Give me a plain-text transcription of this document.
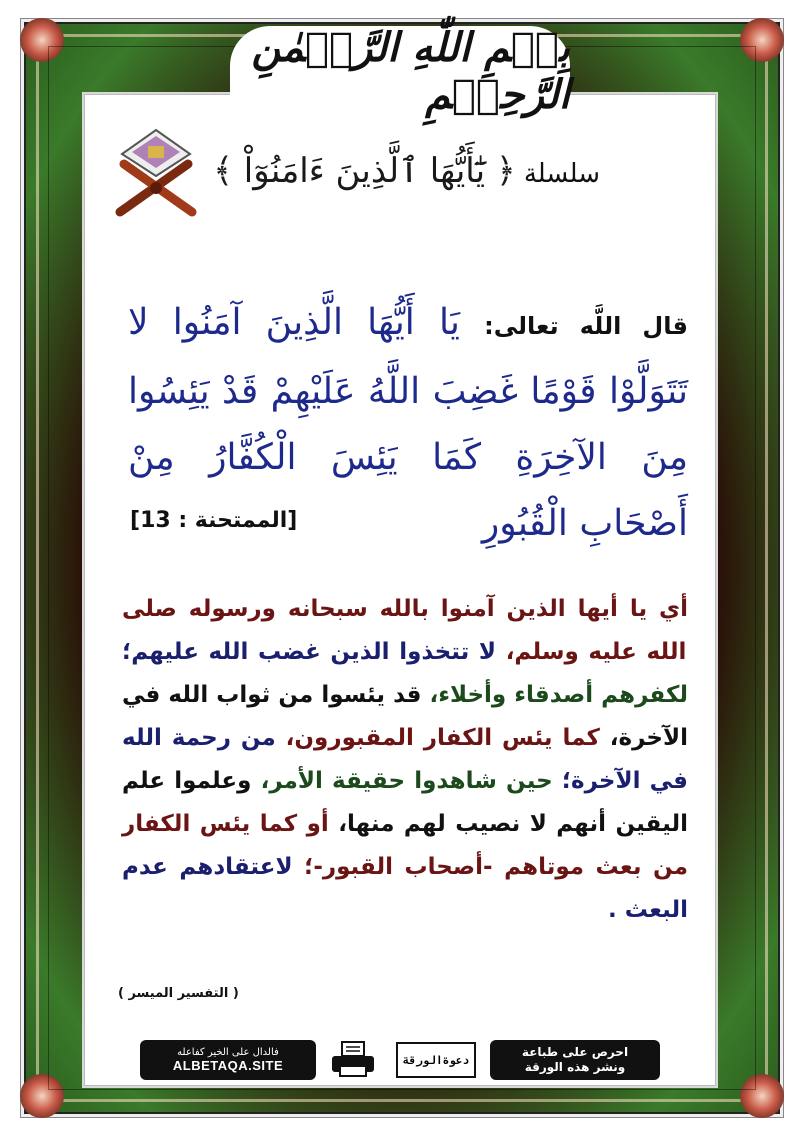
بِسۡمِ اللّٰهِ الرَّحۡمٰنِ الرَّحِيۡمِ
سلسلة
﴿ يَٰٓأَيُّهَا ٱلَّذِينَ ءَامَنُوٓاْ ﴾
قال اللَّه تعالى: يَا أَيُّهَا الَّذِينَ آمَنُوا لا تَتَوَلَّوْا قَوْمًا غَضِبَ اللَّهُ عَلَيْهِمْ قَدْ يَئِسُوا مِنَ الآخِرَةِ كَمَا يَئِسَ الْكُفَّارُ مِنْ أَصْحَابِ الْقُبُورِ
[الممتحنة : 13]
أي يا أيها الذين آمنوا بالله سبحانه ورسوله صلى الله عليه وسلم، لا تتخذوا الذين غضب الله عليهم؛ لكفرهم أصدقاء وأخلاء، قد يئسوا من ثواب الله في الآخرة، كما يئس الكفار المقبورون، من رحمة الله في الآخرة؛ حين شاهدوا حقيقة الأمر، وعلموا علم اليقين أنهم لا نصيب لهم منها، أو كما يئس الكفار من بعث موتاهم -أصحاب القبور-؛ لاعتقادهم عدم البعث .
( التفسير الميسر )
فالدال على الخير كفاعله
ALBETAQA.SITE	دعوة

الورقة
احرص على طباعة
ونشر هذه الورقة
